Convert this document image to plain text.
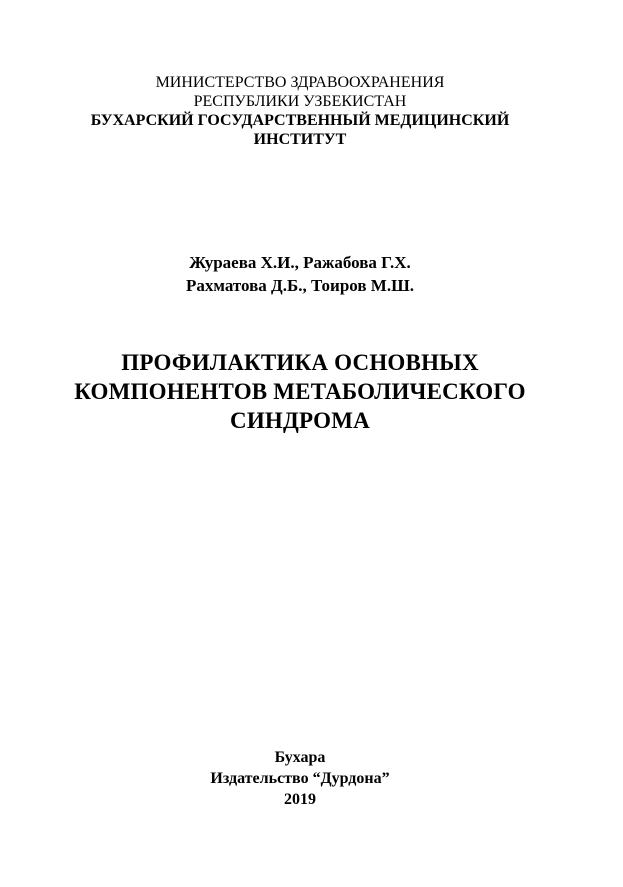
МИНИСТЕРСТВО ЗДРАВООХРАНЕНИЯ
РЕСПУБЛИКИ УЗБЕКИСТАН
БУХАРСКИЙ ГОСУДАРСТВЕННЫЙ МЕДИЦИНСКИЙ
ИНСТИТУТ
Жураева Х.И., Ражабова Г.Х.
Рахматова Д.Б., Тоиров М.Ш.
ПРОФИЛАКТИКА ОСНОВНЫХ
КОМПОНЕНТОВ МЕТАБОЛИЧЕСКОГО
СИНДРОМА
Бухара
Издательство “Дурдона”
2019
